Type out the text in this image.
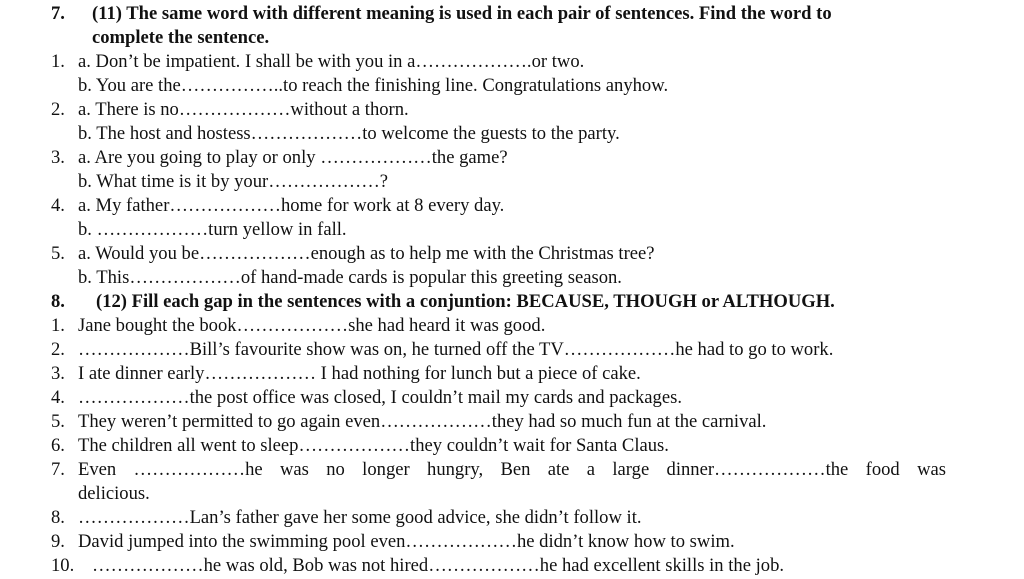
7. (11) The same word with different meaning is used in each pair of sentences. Find the word to
complete the sentence.
1. a. Don’t be impatient. I shall be with you in a……………….or two.
b. You are the……………..to reach the finishing line. Congratulations anyhow.
2. a. There is no………………without a thorn.
b. The host and hostess………………to welcome the guests to the party.
3. a. Are you going to play or only ………………the game?
b. What time is it by your………………?
4. a. My father………………home for work at 8 every day.
b. ………………turn yellow in fall.
5. a. Would you be………………enough as to help me with the Christmas tree?
b. This………………of hand-made cards is popular this greeting season.
8. (12) Fill each gap in the sentences with a conjuntion: BECAUSE, THOUGH or ALTHOUGH.
1. Jane bought the book………………she had heard it was good.
2. ………………Bill’s favourite show was on, he turned off the TV………………he had to go to work.
3. I ate dinner early……………… I had nothing for lunch but a piece of cake.
4. ………………the post office was closed, I couldn’t mail my cards and packages.
5. They weren’t permitted to go again even………………they had so much fun at the carnival.
6. The children all went to sleep………………they couldn’t wait for Santa Claus.
7. Even ………………he was no longer hungry, Ben ate a large dinner………………the food was
delicious.
8. ………………Lan’s father gave her some good advice, she didn’t follow it.
9. David jumped into the swimming pool even………………he didn’t know how to swim.
10. ………………he was old, Bob was not hired………………he had excellent skills in the job.
